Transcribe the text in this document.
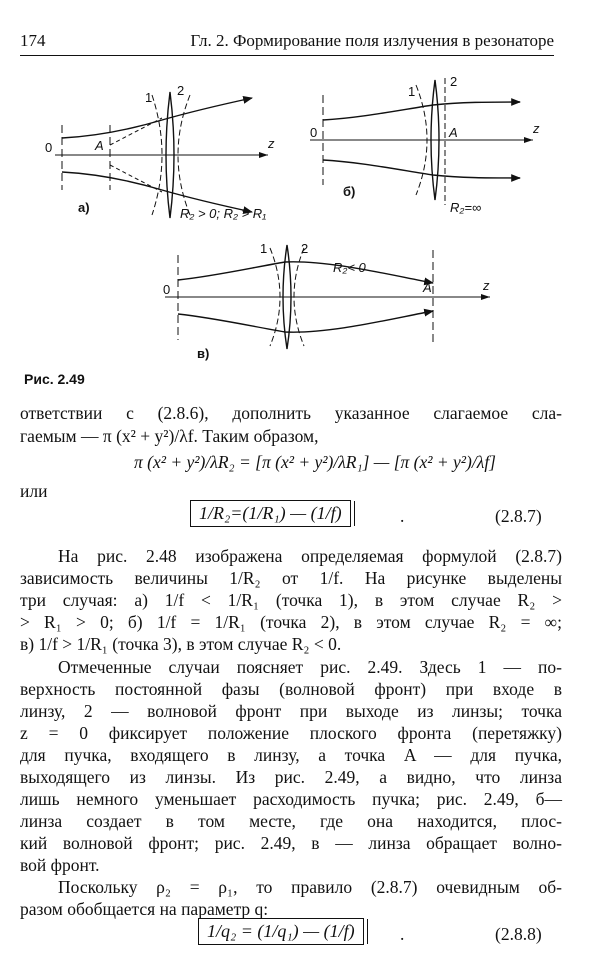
174	Гл. 2. Формирование поля излучения в резонаторе
0	A	z
1 2
а)	R₂ > 0; R₂ > R₁
0	A	z
1
2
б)
R₂=∞
0	A	z
1	2
R₂< 0
в)
Рис. 2.49
ответствии с (2.8.6), дополнить указанное слагаемое сла-
гаемым — π (x² + y²)/λf. Таким образом,
π (x² + y²)/λR₂ = [π (x² + y²)/λR₁] — [π (x² + y²)/λf]
или
1/R₂=(1/R₁) — (1/f)	.	(2.8.7)
На рис. 2.48 изображена определяемая формулой (2.8.7)
зависимость величины 1/R₂ от 1/f. На рисунке выделены
три случая: а) 1/f < 1/R₁ (точка 1), в этом случае R₂ >
> R₁ > 0; б) 1/f = 1/R₁ (точка 2), в этом случае R₂ = ∞;
в) 1/f > 1/R₁ (точка 3), в этом случае R₂ < 0.
Отмеченные случаи поясняет рис. 2.49. Здесь 1 — по-
верхность постоянной фазы (волновой фронт) при входе в
линзу, 2 — волновой фронт при выходе из линзы; точка
z = 0 фиксирует положение плоского фронта (перетяжку)
для пучка, входящего в линзу, а точка A — для пучка,
выходящего из линзы. Из рис. 2.49, а видно, что линза
лишь немного уменьшает расходимость пучка; рис. 2.49, б—
линза создает в том месте, где она находится, плос-
кий волновой фронт; рис. 2.49, в — линза обращает волно-
вой фронт.
Поскольку ρ₂ = ρ₁, то правило (2.8.7) очевидным об-
разом обобщается на параметр q:
1/q₂ = (1/q₁) — (1/f)	.	(2.8.8)
